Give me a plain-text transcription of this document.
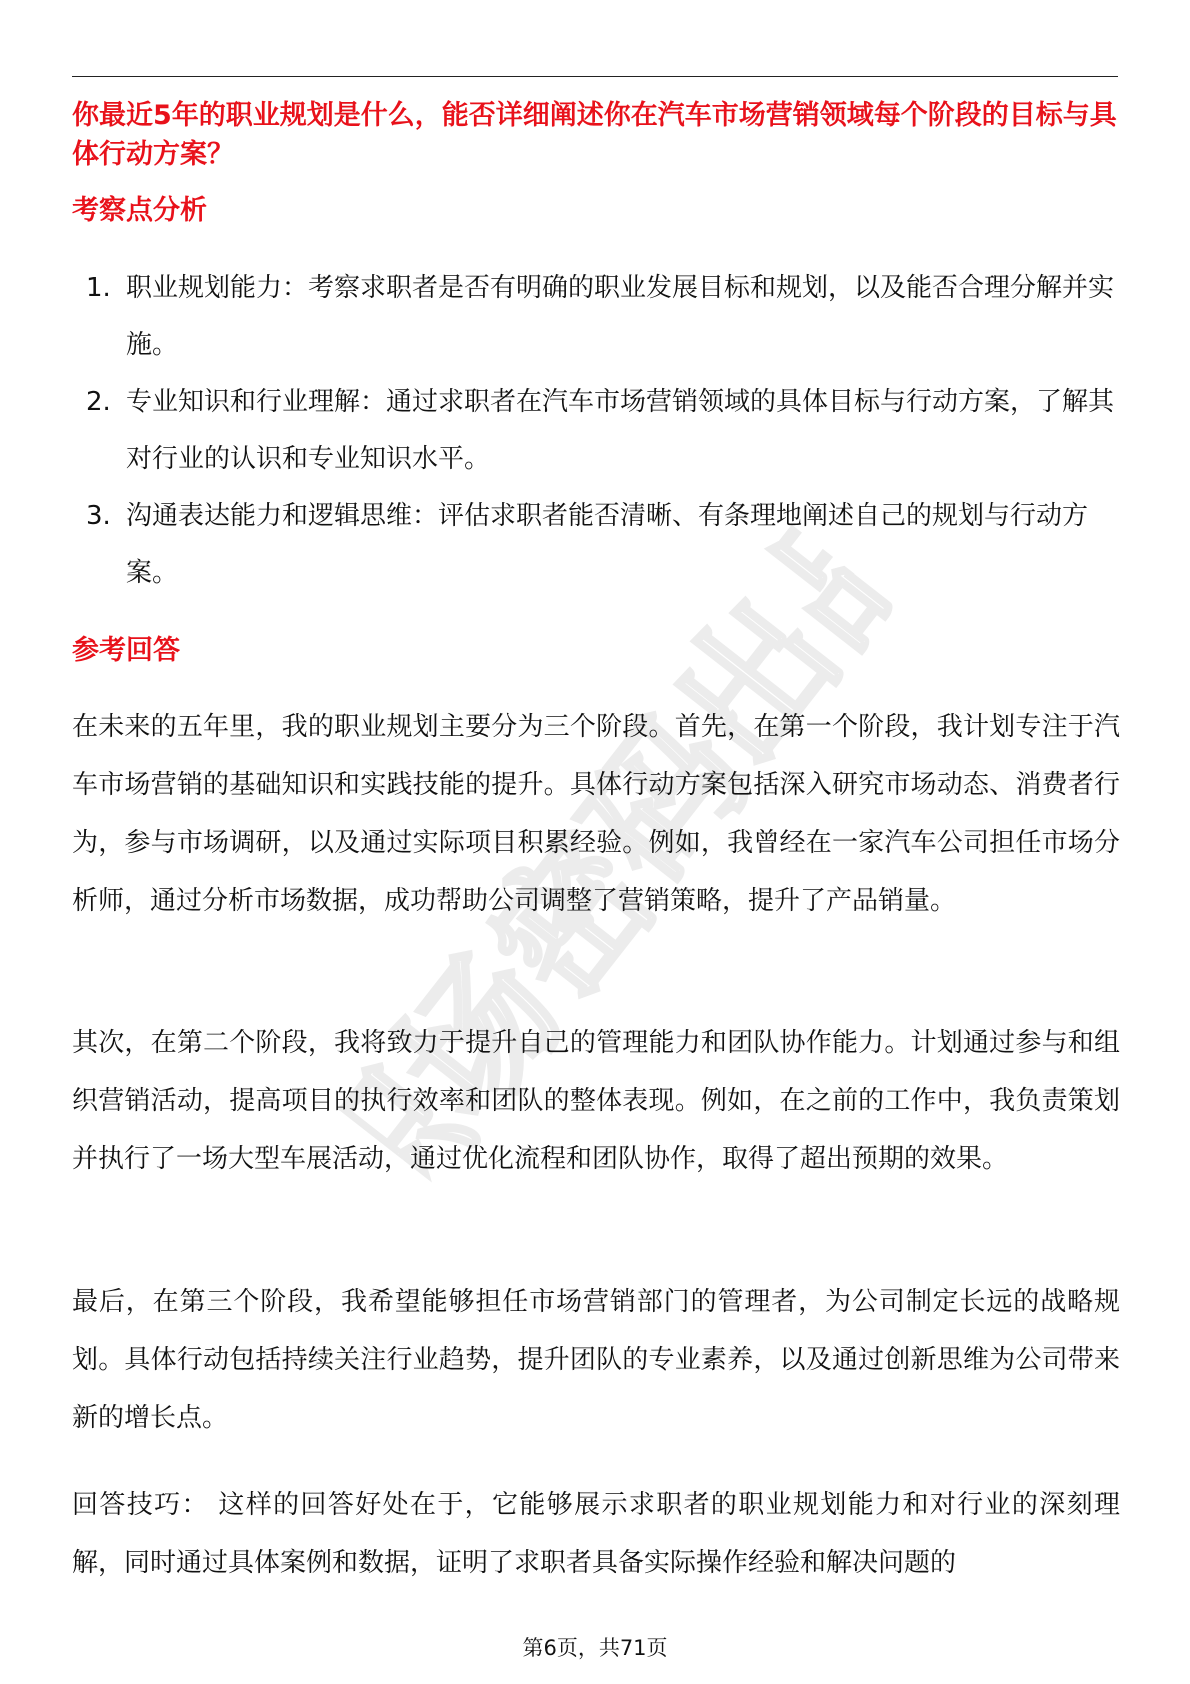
职场密码出品
你最近5年的职业规划是什么，能否详细阐述你在汽车市场营销领域每个阶段的目标与具体行动方案？
考察点分析
1. 职业规划能力：考察求职者是否有明确的职业发展目标和规划，以及能否合理分解并实施。
2. 专业知识和行业理解：通过求职者在汽车市场营销领域的具体目标与行动方案，了解其对行业的认识和专业知识水平。
3. 沟通表达能力和逻辑思维：评估求职者能否清晰、有条理地阐述自己的规划与行动方案。
参考回答

在未来的五年里，我的职业规划主要分为三个阶段。首先，在第一个阶段，我计划专注于汽车市场营销的基础知识和实践技能的提升。具体行动方案包括深入研究市场动态、消费者行为，参与市场调研，以及通过实际项目积累经验。例如，我曾经在一家汽车公司担任市场分析师，通过分析市场数据，成功帮助公司调整了营销策略，提升了产品销量。

其次，在第二个阶段，我将致力于提升自己的管理能力和团队协作能力。计划通过参与和组织营销活动，提高项目的执行效率和团队的整体表现。例如，在之前的工作中，我负责策划并执行了一场大型车展活动，通过优化流程和团队协作，取得了超出预期的效果。

最后，在第三个阶段，我希望能够担任市场营销部门的管理者，为公司制定长远的战略规划。具体行动包括持续关注行业趋势，提升团队的专业素养，以及通过创新思维为公司带来新的增长点。

回答技巧： 这样的回答好处在于，它能够展示求职者的职业规划能力和对行业的深刻理解，同时通过具体案例和数据，证明了求职者具备实际操作经验和解决问题的

第6页，共71页
